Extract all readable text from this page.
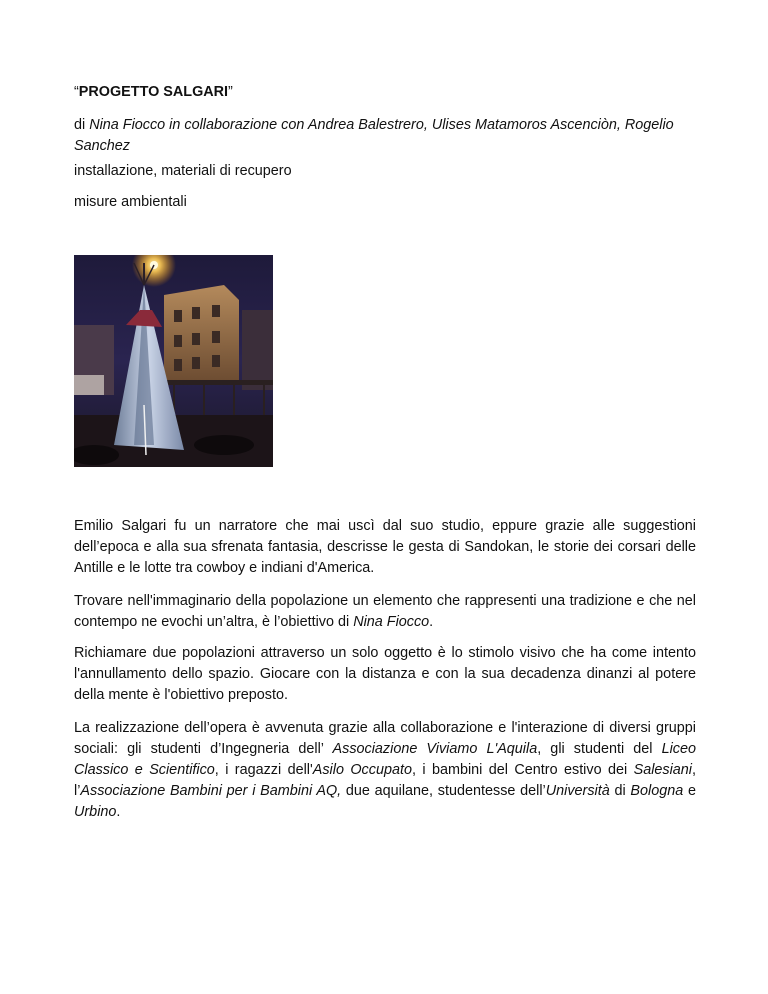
“PROGETTO SALGARI”
di Nina Fiocco in collaborazione con Andrea Balestrero, Ulises Matamoros Ascenciòn, Rogelio Sanchez
installazione, materiali di recupero
misure ambientali

Emilio Salgari fu un narratore che mai uscì dal suo studio, eppure grazie alle suggestioni dell’epoca e alla sua sfrenata fantasia, descrisse le gesta di Sandokan, le storie dei corsari delle Antille e le lotte tra cowboy e indiani d'America.

Trovare nell'immaginario della popolazione un elemento che rappresenti una tradizione e che nel contempo ne evochi un’altra, è l’obiettivo di Nina Fiocco.

Richiamare due popolazioni attraverso un solo oggetto è lo stimolo visivo che ha come intento l'annullamento dello spazio. Giocare con la distanza e con la sua decadenza dinanzi al potere della mente è l'obiettivo preposto.

La realizzazione dell’opera è avvenuta grazie alla collaborazione e l'interazione di diversi gruppi sociali: gli studenti d’Ingegneria dell’ Associazione Viviamo L'Aquila, gli studenti del Liceo Classico e Scientifico, i ragazzi dell'Asilo Occupato, i bambini del Centro estivo dei Salesiani, l’Associazione Bambini per i Bambini AQ, due aquilane, studentesse dell’Università di Bologna e Urbino.
